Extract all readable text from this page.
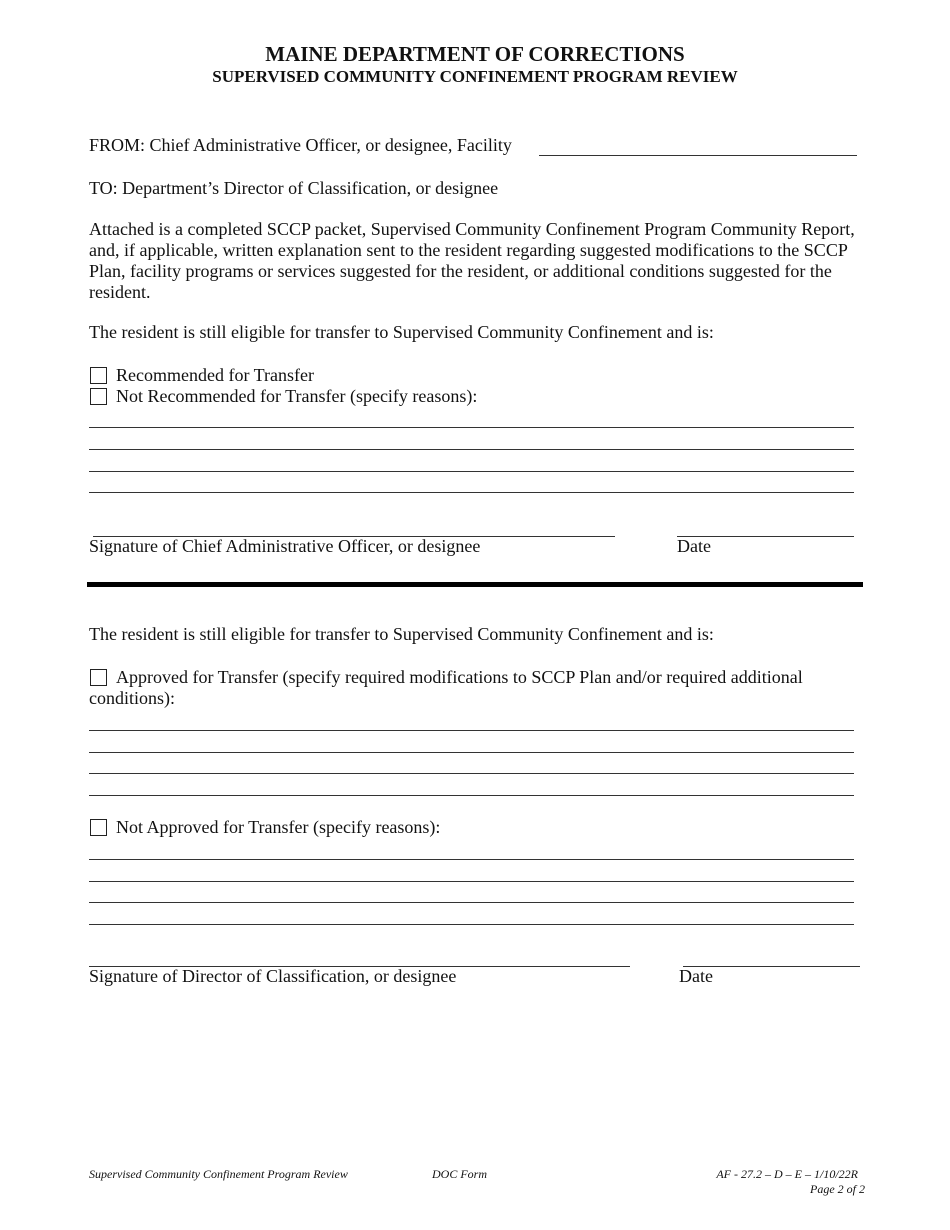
MAINE DEPARTMENT OF CORRECTIONS
SUPERVISED COMMUNITY CONFINEMENT PROGRAM REVIEW
FROM: Chief Administrative Officer, or designee, Facility
TO: Department’s Director of Classification, or designee
Attached is a completed SCCP packet, Supervised Community Confinement Program Community Report, and, if applicable, written explanation sent to the resident regarding suggested modifications to the SCCP Plan, facility programs or services suggested for the resident, or additional conditions suggested for the resident.
The resident is still eligible for transfer to Supervised Community Confinement and is:
Recommended for Transfer
Not Recommended for Transfer (specify reasons):
Signature of Chief Administrative Officer, or designee	Date
The resident is still eligible for transfer to Supervised Community Confinement and is:
Approved for Transfer (specify required modifications to SCCP Plan and/or required additional conditions):
Not Approved for Transfer (specify reasons):
Signature of Director of Classification, or designee	Date
Supervised Community Confinement Program Review	DOC Form	AF - 27.2 – D – E – 1/10/22R
Page 2 of 2
